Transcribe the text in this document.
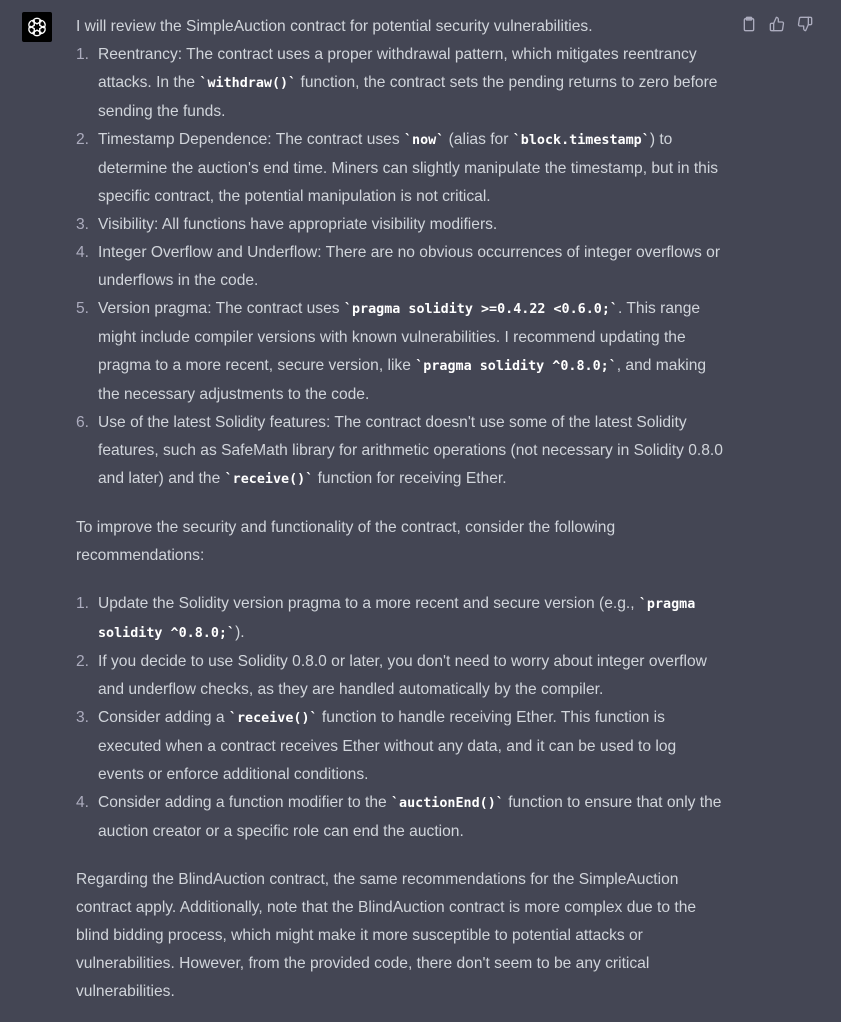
I will review the SimpleAuction contract for potential security vulnerabilities.

1. Reentrancy: The contract uses a proper withdrawal pattern, which mitigates reentrancy attacks. In the `withdraw()` function, the contract sets the pending returns to zero before sending the funds.
2. Timestamp Dependence: The contract uses `now` (alias for `block.timestamp`) to determine the auction's end time. Miners can slightly manipulate the timestamp, but in this specific contract, the potential manipulation is not critical.
3. Visibility: All functions have appropriate visibility modifiers.
4. Integer Overflow and Underflow: There are no obvious occurrences of integer overflows or underflows in the code.
5. Version pragma: The contract uses `pragma solidity >=0.4.22 <0.6.0;`. This range might include compiler versions with known vulnerabilities. I recommend updating the pragma to a more recent, secure version, like `pragma solidity ^0.8.0;`, and making the necessary adjustments to the code.
6. Use of the latest Solidity features: The contract doesn't use some of the latest Solidity features, such as SafeMath library for arithmetic operations (not necessary in Solidity 0.8.0 and later) and the `receive()` function for receiving Ether.

To improve the security and functionality of the contract, consider the following recommendations:

1. Update the Solidity version pragma to a more recent and secure version (e.g., `pragma solidity ^0.8.0;`).
2. If you decide to use Solidity 0.8.0 or later, you don't need to worry about integer overflow and underflow checks, as they are handled automatically by the compiler.
3. Consider adding a `receive()` function to handle receiving Ether. This function is executed when a contract receives Ether without any data, and it can be used to log events or enforce additional conditions.
4. Consider adding a function modifier to the `auctionEnd()` function to ensure that only the auction creator or a specific role can end the auction.

Regarding the BlindAuction contract, the same recommendations for the SimpleAuction contract apply. Additionally, note that the BlindAuction contract is more complex due to the blind bidding process, which might make it more susceptible to potential attacks or vulnerabilities. However, from the provided code, there don't seem to be any critical vulnerabilities.
